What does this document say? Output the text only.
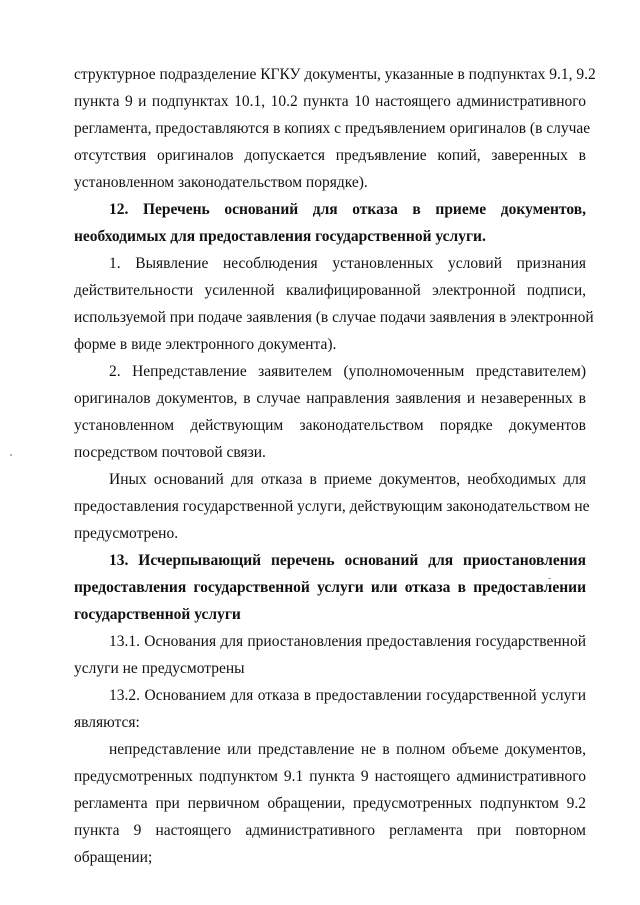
структурное подразделение КГКУ документы, указанные в подпунктах 9.1, 9.2
пункта 9 и подпунктах 10.1, 10.2 пункта 10 настоящего административного
регламента, предоставляются в копиях с предъявлением оригиналов (в случае
отсутствия оригиналов допускается предъявление копий, заверенных в
установленном законодательством порядке).
12. Перечень оснований для отказа в приеме документов,
необходимых для предоставления государственной услуги.
1. Выявление несоблюдения установленных условий признания
действительности усиленной квалифицированной электронной подписи,
используемой при подаче заявления (в случае подачи заявления в электронной
форме в виде электронного документа).
2. Непредставление заявителем (уполномоченным представителем)
оригиналов документов, в случае направления заявления и незаверенных в
установленном действующим законодательством порядке документов
посредством почтовой связи.
Иных оснований для отказа в приеме документов, необходимых для
предоставления государственной услуги, действующим законодательством не
предусмотрено.
13. Исчерпывающий перечень оснований для приостановления
предоставления государственной услуги или отказа в предоставлении
государственной услуги
13.1. Основания для приостановления предоставления государственной
услуги не предусмотрены
13.2. Основанием для отказа в предоставлении государственной услуги
являются:
непредставление или представление не в полном объеме документов,
предусмотренных подпунктом 9.1 пункта 9 настоящего административного
регламента при первичном обращении, предусмотренных подпунктом 9.2
пункта 9 настоящего административного регламента при повторном
обращении;
